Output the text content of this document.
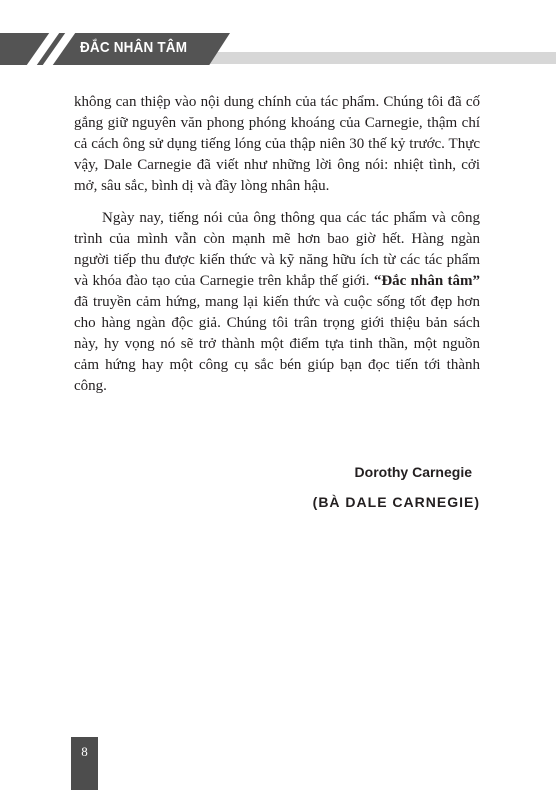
ĐẮC NHÂN TÂM

không can thiệp vào nội dung chính của tác phẩm. Chúng tôi đã cố gắng giữ nguyên văn phong phóng khoáng của Carnegie, thậm chí cả cách ông sử dụng tiếng lóng của thập niên 30 thế kỷ trước. Thực vậy, Dale Carnegie đã viết như những lời ông nói: nhiệt tình, cởi mở, sâu sắc, bình dị và đầy lòng nhân hậu.

Ngày nay, tiếng nói của ông thông qua các tác phẩm và công trình của mình vẫn còn mạnh mẽ hơn bao giờ hết. Hàng ngàn người tiếp thu được kiến thức và kỹ năng hữu ích từ các tác phẩm và khóa đào tạo của Carnegie trên khắp thế giới. “Đắc nhân tâm” đã truyền cảm hứng, mang lại kiến thức và cuộc sống tốt đẹp hơn cho hàng ngàn độc giả. Chúng tôi trân trọng giới thiệu bản sách này, hy vọng nó sẽ trở thành một điểm tựa tinh thần, một nguồn cảm hứng hay một công cụ sắc bén giúp bạn đọc tiến tới thành công.

Dorothy Carnegie
(BÀ DALE CARNEGIE)
8
